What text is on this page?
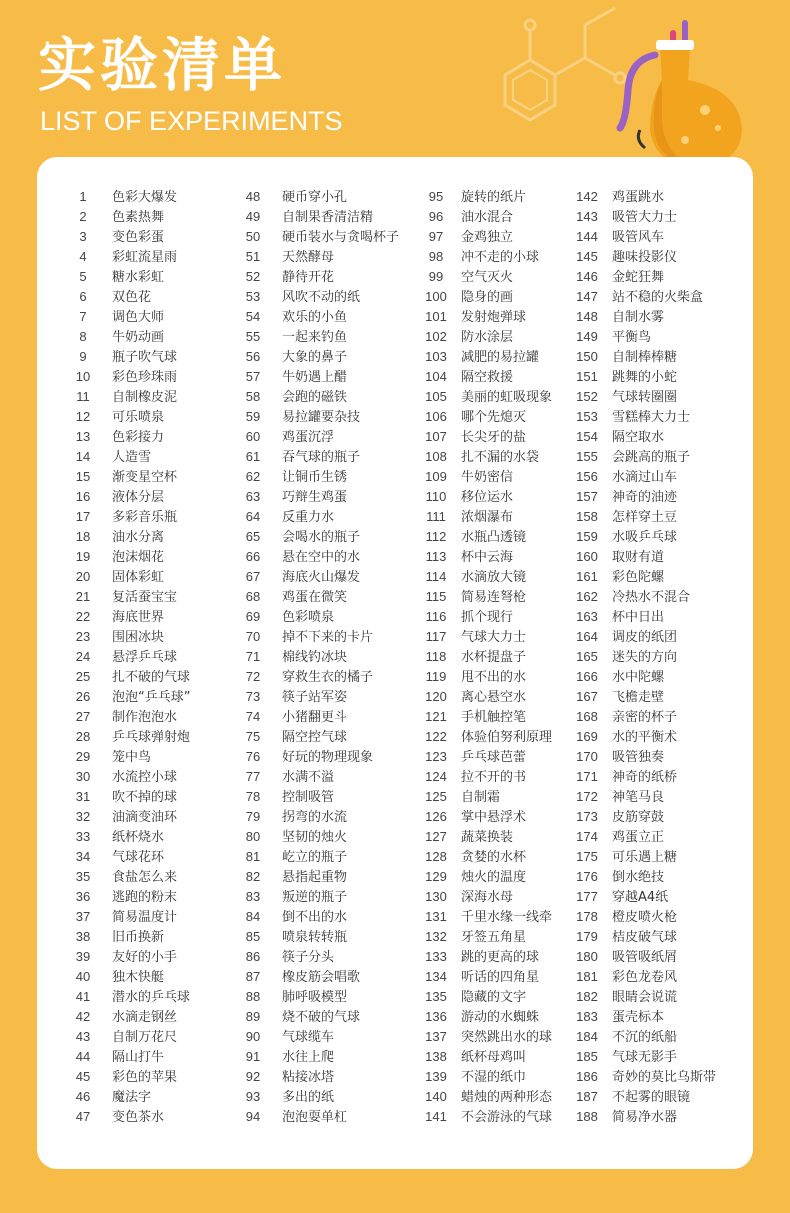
实验清单
LIST OF EXPERIMENTS
1 色彩大爆发
2 色素热舞
3 变色彩蛋
4 彩虹流星雨
5 糖水彩虹
6 双色花
7 调色大师
8 牛奶动画
9 瓶子吹气球
10 彩色珍珠雨
11 自制橡皮泥
12 可乐喷泉
13 色彩接力
14 人造雪
15 渐变星空杯
16 液体分层
17 多彩音乐瓶
18 油水分离
19 泡沫烟花
20 固体彩虹
21 复活蚕宝宝
22 海底世界
23 围困冰块
24 悬浮乒乓球
25 扎不破的气球
26 泡泡“乒乓球”
27 制作泡泡水
28 乒乓球弹射炮
29 笼中鸟
30 水流控小球
31 吹不掉的球
32 油滴变油环
33 纸杯烧水
34 气球花环
35 食盐怎么来
36 逃跑的粉末
37 简易温度计
38 旧币换新
39 友好的小手
40 独木快艇
41 潜水的乒乓球
42 水滴走钢丝
43 自制万花尺
44 隔山打牛
45 彩色的苹果
46 魔法字
47 变色茶水
48 硬币穿小孔
49 自制果香清洁精
50 硬币装水与贪喝杯子
51 天然酵母
52 静待开花
53 风吹不动的纸
54 欢乐的小鱼
55 一起来钓鱼
56 大象的鼻子
57 牛奶遇上醋
58 会跑的磁铁
59 易拉罐要杂技
60 鸡蛋沉浮
61 吞气球的瓶子
62 让铜币生锈
63 巧辩生鸡蛋
64 反重力水
65 会喝水的瓶子
66 悬在空中的水
67 海底火山爆发
68 鸡蛋在微笑
69 色彩喷泉
70 掉不下来的卡片
71 棉线钓冰块
72 穿救生衣的橘子
73 筷子站军姿
74 小猪翻更斗
75 隔空控气球
76 好玩的物理现象
77 水满不溢
78 控制吸管
79 拐弯的水流
80 坚韧的烛火
81 屹立的瓶子
82 悬指起重物
83 叛逆的瓶子
84 倒不出的水
85 喷泉转转瓶
86 筷子分头
87 橡皮筋会唱歌
88 肺呼吸模型
89 烧不破的气球
90 气球缆车
91 水往上爬
92 粘接冰塔
93 多出的纸
94 泡泡耍单杠
95 旋转的纸片
96 油水混合
97 金鸡独立
98 冲不走的小球
99 空气灭火
100 隐身的画
101 发射炮弹球
102 防水涂层
103 减肥的易拉罐
104 隔空救援
105 美丽的虹吸现象
106 哪个先熄灭
107 长尖牙的盐
108 扎不漏的水袋
109 牛奶密信
110 移位运水
111 浓烟瀑布
112 水瓶凸透镜
113 杯中云海
114 水滴放大镜
115 简易连弩枪
116 抓个现行
117 气球大力士
118 水杯提盘子
119 甩不出的水
120 离心悬空水
121 手机触控笔
122 体验伯努利原理
123 乒乓球芭蕾
124 拉不开的书
125 自制霜
126 掌中悬浮术
127 蔬菜换装
128 贪婪的水杯
129 烛火的温度
130 深海水母
131 千里水缘一线牵
132 牙签五角星
133 跳的更高的球
134 听话的四角星
135 隐藏的文字
136 游动的水蜘蛛
137 突然跳出水的球
138 纸杯母鸡叫
139 不湿的纸巾
140 蜡烛的两种形态
141 不会游泳的气球
142 鸡蛋跳水
143 吸管大力士
144 吸管风车
145 趣味投影仪
146 金蛇狂舞
147 站不稳的火柴盒
148 自制水雾
149 平衡鸟
150 自制棒棒糖
151 跳舞的小蛇
152 气球转圈圈
153 雪糕棒大力士
154 隔空取水
155 会跳高的瓶子
156 水滴过山车
157 神奇的油迹
158 怎样穿土豆
159 水吸乒乓球
160 取财有道
161 彩色陀螺
162 冷热水不混合
163 杯中日出
164 调皮的纸团
165 迷失的方向
166 水中陀螺
167 飞檐走壁
168 亲密的杯子
169 水的平衡术
170 吸管独奏
171 神奇的纸桥
172 神笔马良
173 皮筋穿鼓
174 鸡蛋立正
175 可乐遇上糖
176 倒水绝技
177 穿越A4纸
178 橙皮喷火枪
179 桔皮破气球
180 吸管吸纸屑
181 彩色龙卷风
182 眼睛会说谎
183 蛋壳标本
184 不沉的纸船
185 气球无影手
186 奇妙的莫比乌斯带
187 不起雾的眼镜
188 简易净水器
